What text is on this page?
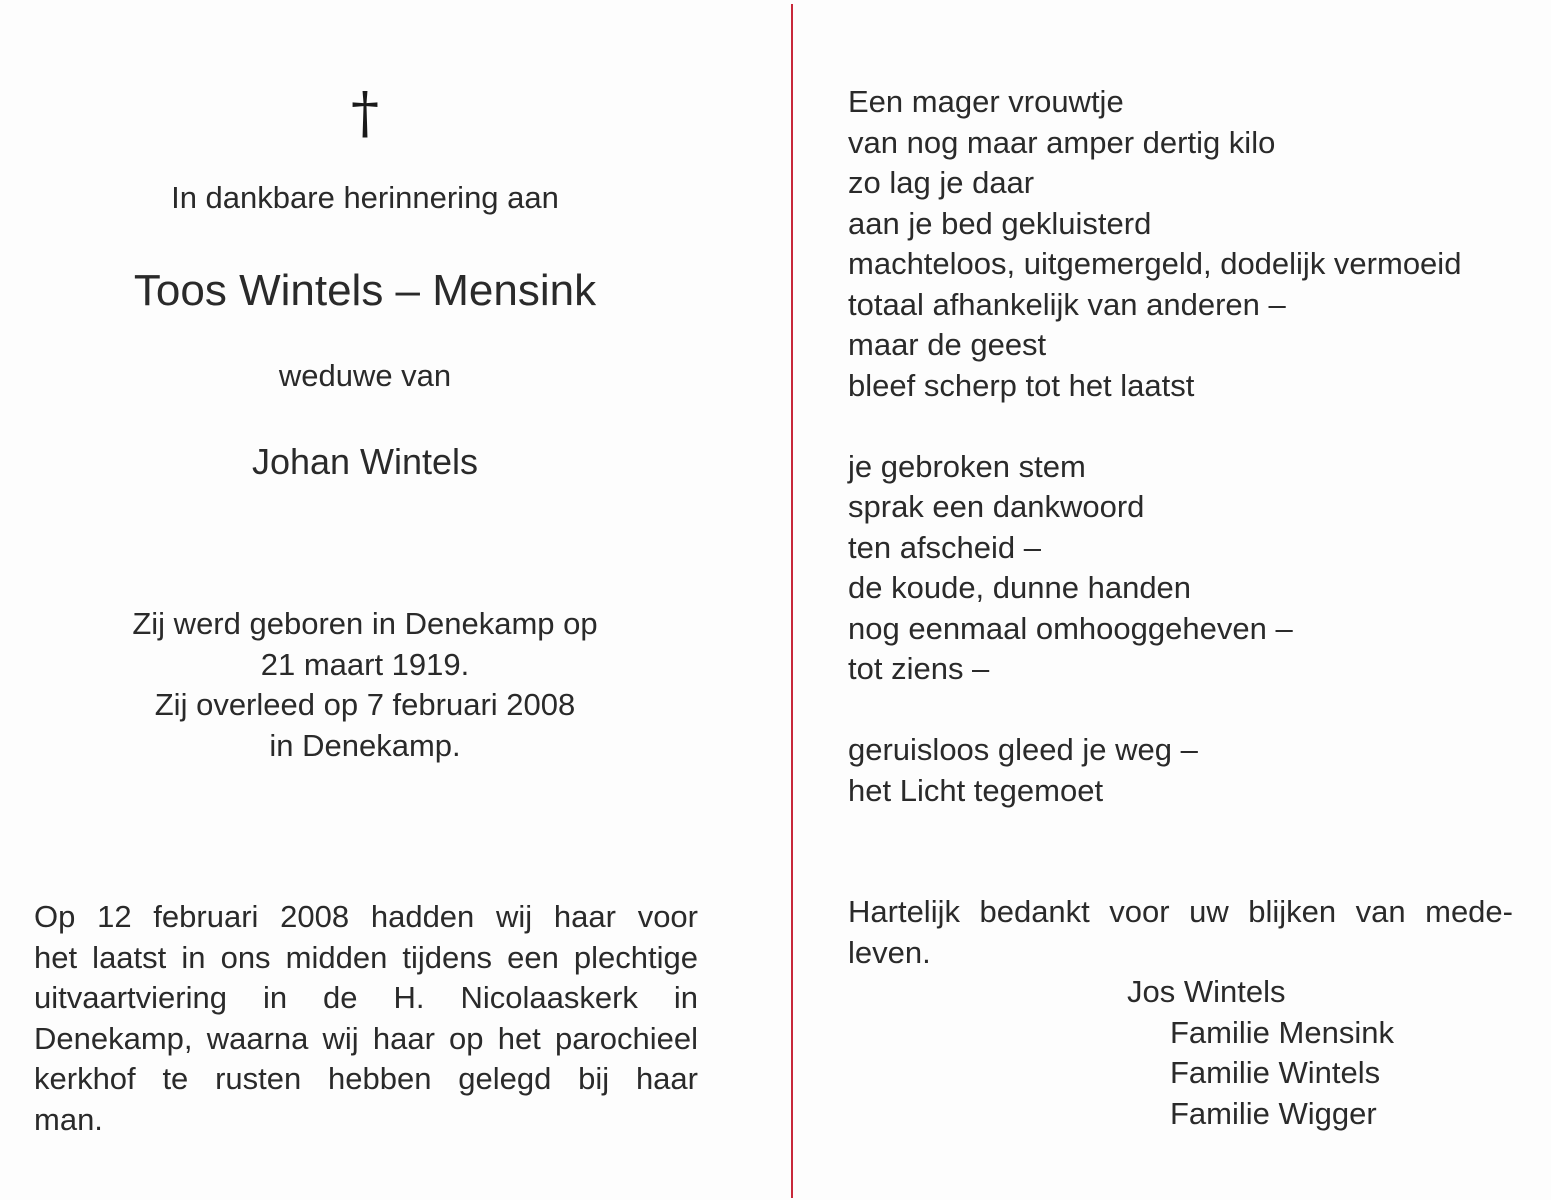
†
In dankbare herinnering aan
Toos Wintels – Mensink
weduwe van
Johan Wintels
Zij werd geboren in Denekamp op
21 maart 1919.
Zij overleed op 7 februari 2008
in Denekamp.
Op 12 februari 2008 hadden wij haar voor
het laatst in ons midden tijdens een plechtige
uitvaartviering in de H. Nicolaaskerk in
Denekamp, waarna wij haar op het parochieel
kerkhof te rusten hebben gelegd bij haar
man.
Een mager vrouwtje
van nog maar amper dertig kilo
zo lag je daar
aan je bed gekluisterd
machteloos, uitgemergeld, dodelijk vermoeid
totaal afhankelijk van anderen –
maar de geest
bleef scherp tot het laatst
je gebroken stem
sprak een dankwoord
ten afscheid –
de koude, dunne handen
nog eenmaal omhooggeheven –
tot ziens –
geruisloos gleed je weg –
het Licht tegemoet
Hartelijk bedankt voor uw blijken van mede-
leven.
Jos Wintels
Familie Mensink
Familie Wintels
Familie Wigger
